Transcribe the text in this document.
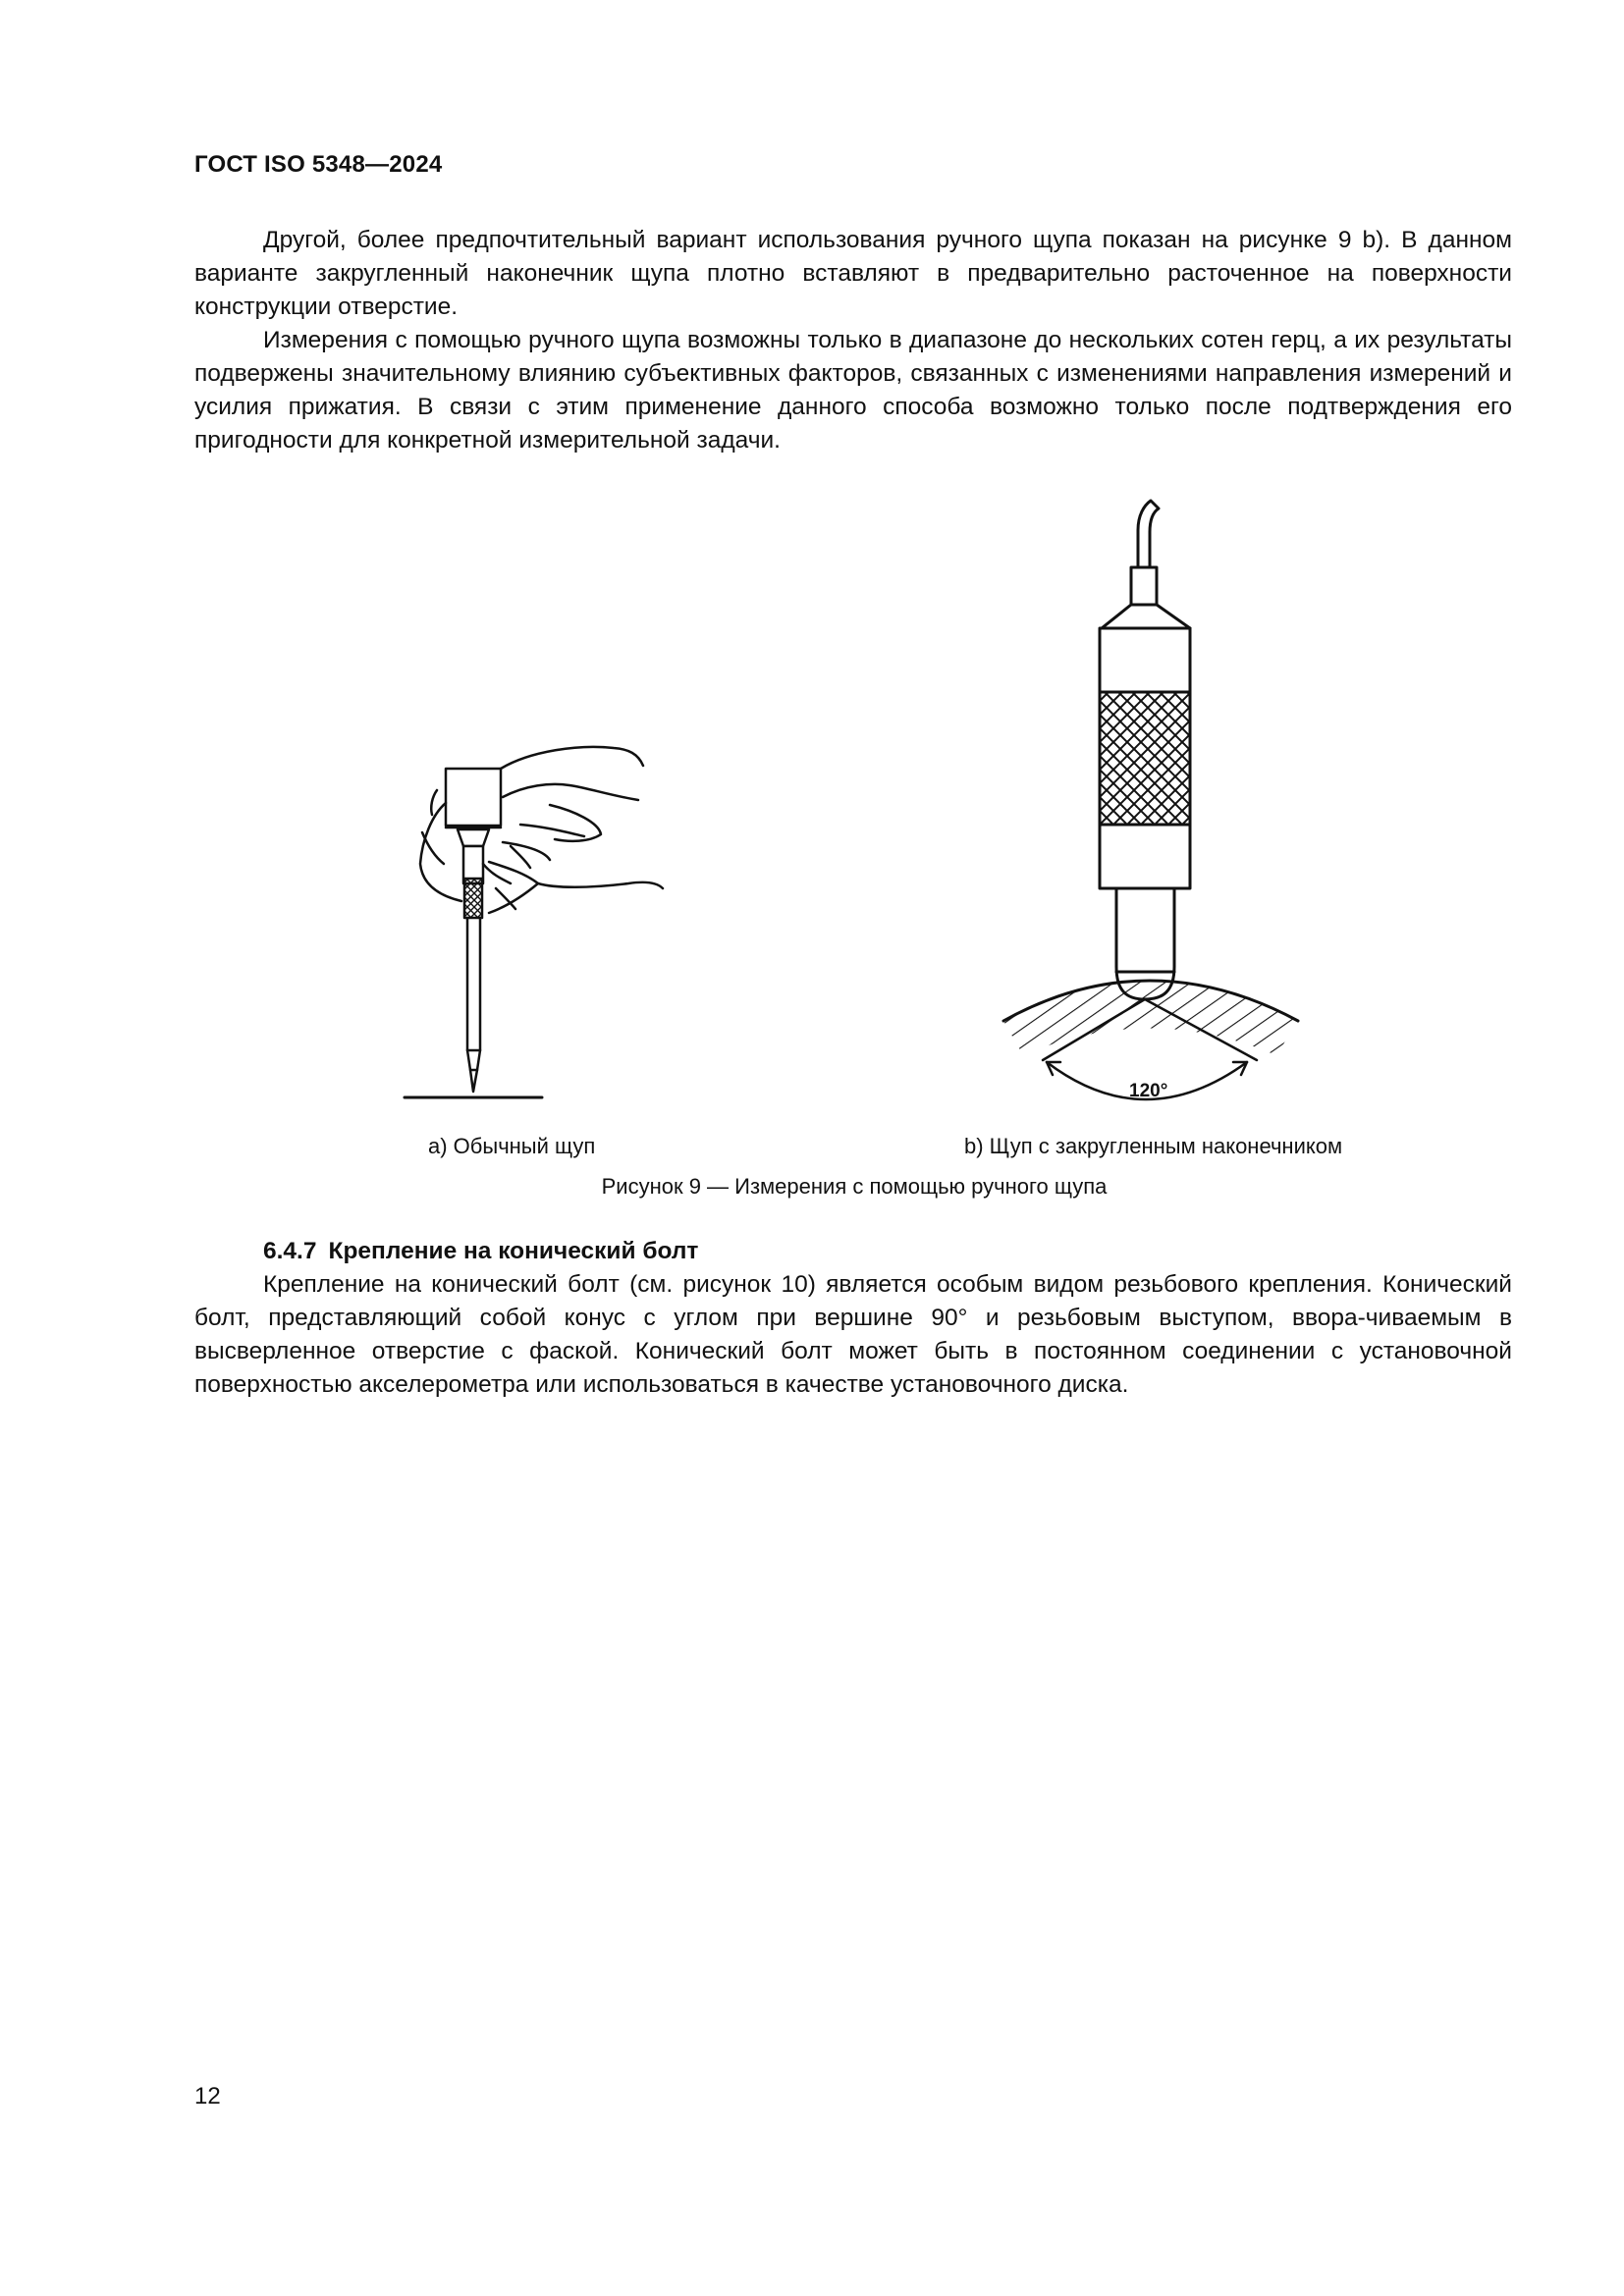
ГОСТ ISO 5348—2024

Другой, более предпочтительный вариант использования ручного щупа показан на рисунке 9 b). В данном варианте закругленный наконечник щупа плотно вставляют в предварительно расточенное на поверхности конструкции отверстие.

Измерения с помощью ручного щупа возможны только в диапазоне до нескольких сотен герц, а их результаты подвержены значительному влиянию субъективных факторов, связанных с изменениями направления измерений и усилия прижатия. В связи с этим применение данного способа возможно только после подтверждения его пригодности для конкретной измерительной задачи.

120°
а) Обычный щуп	b) Щуп с закругленным наконечником
Рисунок 9 — Измерения с помощью ручного щупа
6.4.7 Крепление на конический болт

Крепление на конический болт (см. рисунок 10) является особым видом резьбового крепления. Конический болт, представляющий собой конус с углом при вершине 90° и резьбовым выступом, ввора-чиваемым в высверленное отверстие с фаской. Конический болт может быть в постоянном соединении с установочной поверхностью акселерометра или использоваться в качестве установочного диска.

12
